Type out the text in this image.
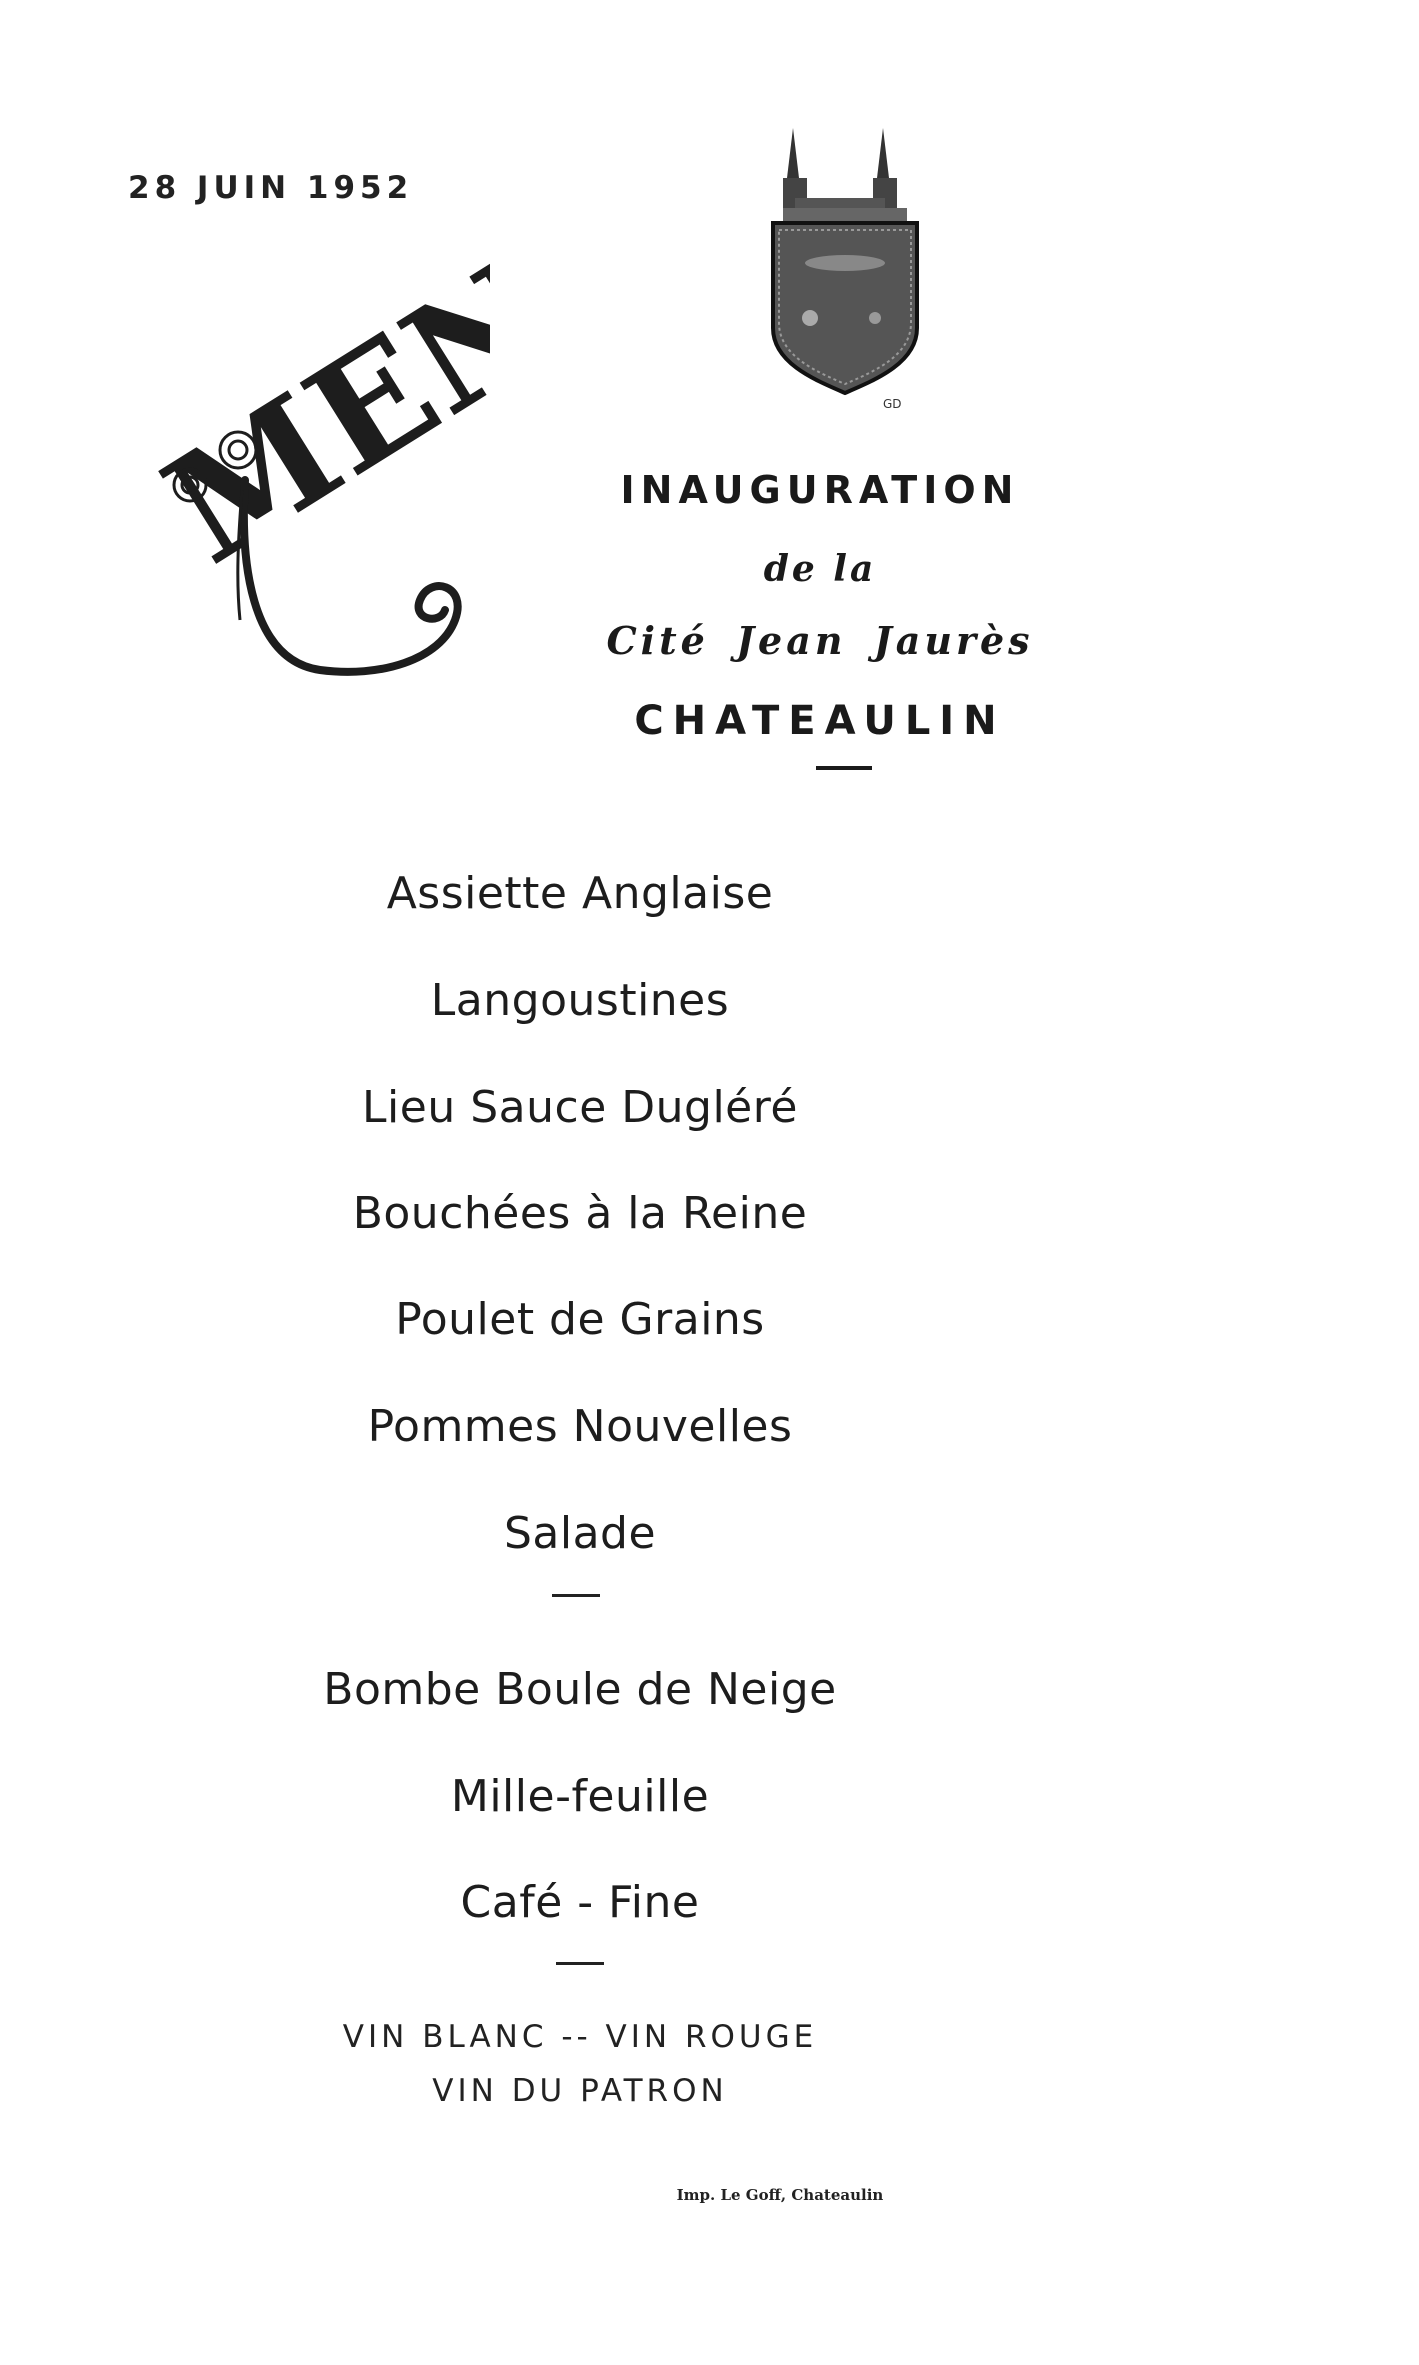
28 JUIN 1952
MENU	GD
INAUGURATION
de la
Cité Jean Jaurès
CHATEAULIN
Assiette Anglaise
Langoustines
Lieu Sauce Dugléré
Bouchées à la Reine
Poulet de Grains
Pommes Nouvelles
Salade
Bombe Boule de Neige
Mille-feuille
Café - Fine
VIN BLANC -- VIN ROUGE
VIN DU PATRON
Imp. Le Goff, Chateaulin
